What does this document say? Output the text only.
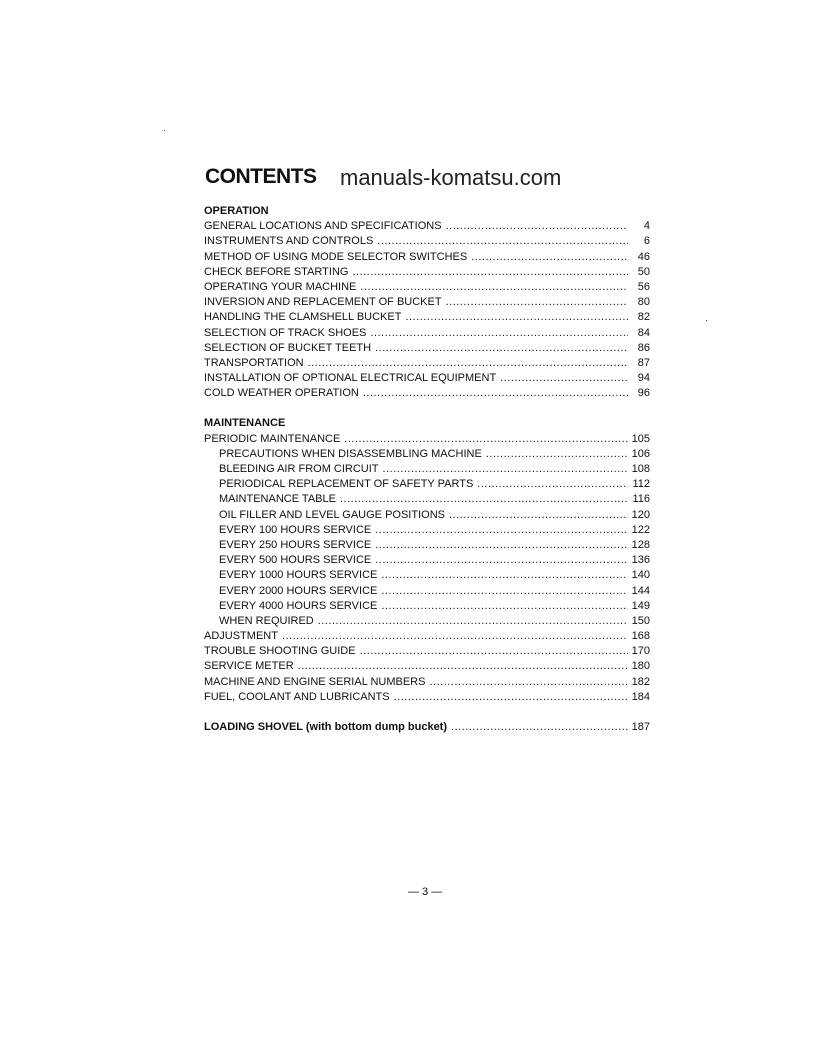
CONTENTS manuals-komatsu.com
OPERATION
GENERAL LOCATIONS AND SPECIFICATIONS .....	4
INSTRUMENTS AND CONTROLS .....	6
METHOD OF USING MODE SELECTOR SWITCHES .....	46
CHECK BEFORE STARTING .....	50
OPERATING YOUR MACHINE .....	56
INVERSION AND REPLACEMENT OF BUCKET .....	80
HANDLING THE CLAMSHELL BUCKET .....	82
SELECTION OF TRACK SHOES .....	84
SELECTION OF BUCKET TEETH .....	86
TRANSPORTATION .....	87
INSTALLATION OF OPTIONAL ELECTRICAL EQUIPMENT .....	94
COLD WEATHER OPERATION .....	96
MAINTENANCE
PERIODIC MAINTENANCE .....	105
PRECAUTIONS WHEN DISASSEMBLING MACHINE .....	106
BLEEDING AIR FROM CIRCUIT .....	108
PERIODICAL REPLACEMENT OF SAFETY PARTS .....	112
MAINTENANCE TABLE .....	116
OIL FILLER AND LEVEL GAUGE POSITIONS .....	120
EVERY 100 HOURS SERVICE .....	122
EVERY 250 HOURS SERVICE .....	128
EVERY 500 HOURS SERVICE .....	136
EVERY 1000 HOURS SERVICE .....	140
EVERY 2000 HOURS SERVICE .....	144
EVERY 4000 HOURS SERVICE .....	149
WHEN REQUIRED .....	150
ADJUSTMENT .....	168
TROUBLE SHOOTING GUIDE .....	170
SERVICE METER .....	180
MACHINE AND ENGINE SERIAL NUMBERS .....	182
FUEL, COOLANT AND LUBRICANTS .....	184
LOADING SHOVEL (with bottom dump bucket) .....	187
— 3 —
